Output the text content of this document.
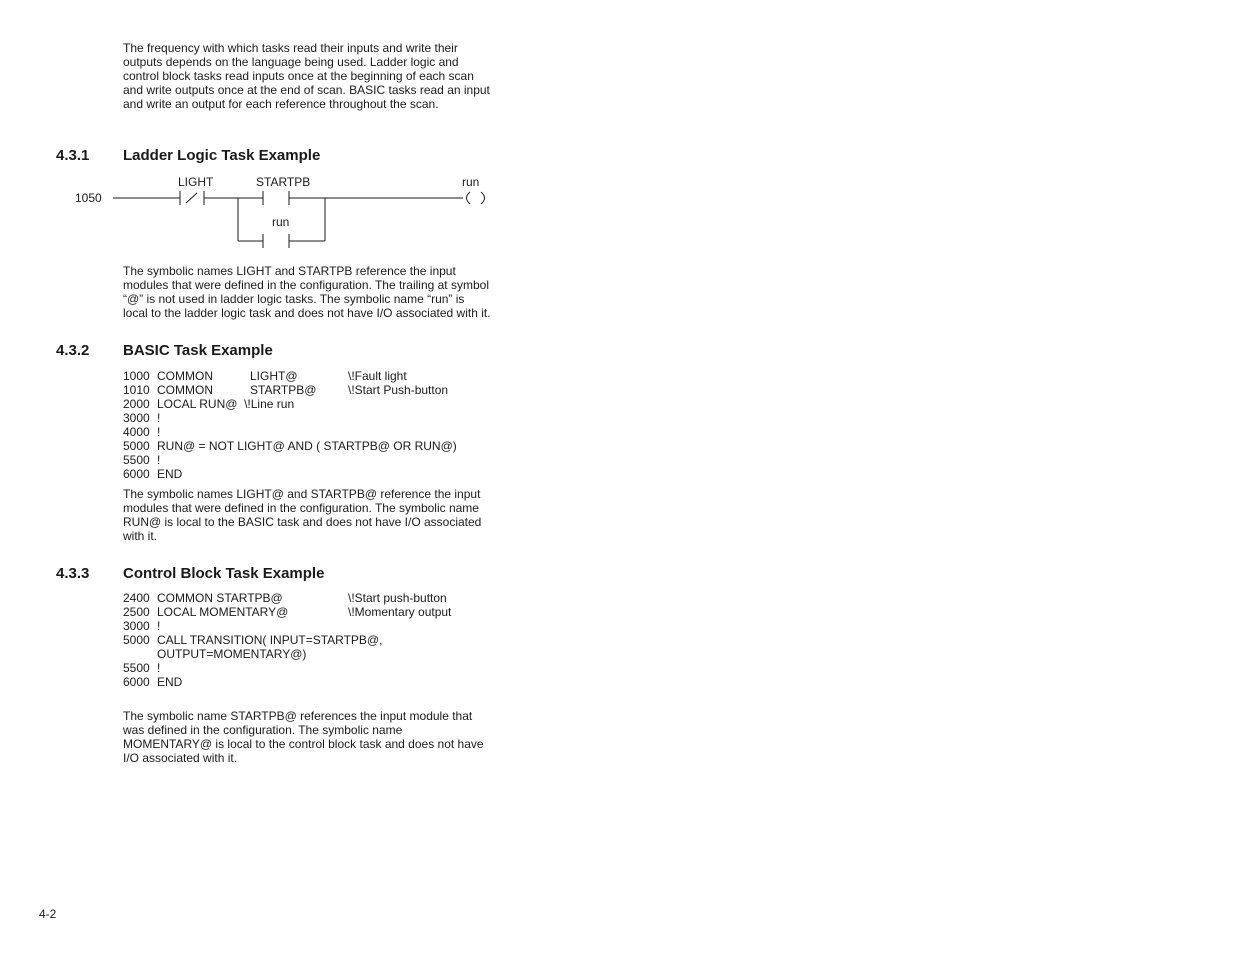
The frequency with which tasks read their inputs and write their
outputs depends on the language being used. Ladder logic and
control block tasks read inputs once at the beginning of each scan
and write outputs once at the end of scan. BASIC tasks read an input
and write an output for each reference throughout the scan.

4.3.1 Ladder Logic Task Example
1050
LIGHT	STARTPB	run
run

The symbolic names LIGHT and STARTPB reference the input
modules that were defined in the configuration. The trailing at symbol
“@” is not used in ladder logic tasks. The symbolic name “run” is
local to the ladder logic task and does not have I/O associated with it.

4.3.2 BASIC Task Example
1000 COMMON	LIGHT@	\!Fault light
1010 COMMON	STARTPB@	\!Start Push-button
2000 LOCAL RUN@  \!Line run
3000 !
4000 !
5000 RUN@ = NOT LIGHT@ AND ( STARTPB@ OR RUN@)
5500 !
6000 END

The symbolic names LIGHT@ and STARTPB@ reference the input
modules that were defined in the configuration. The symbolic name
RUN@ is local to the BASIC task and does not have I/O associated
with it.

4.3.3 Control Block Task Example
2400 COMMON STARTPB@	\!Start push-button
2500 LOCAL MOMENTARY@	\!Momentary output
3000 !
5000 CALL TRANSITION( INPUT=STARTPB@,
OUTPUT=MOMENTARY@)
5500 !
6000 END

The symbolic name STARTPB@ references the input module that
was defined in the configuration. The symbolic name
MOMENTARY@ is local to the control block task and does not have
I/O associated with it.

4-2
